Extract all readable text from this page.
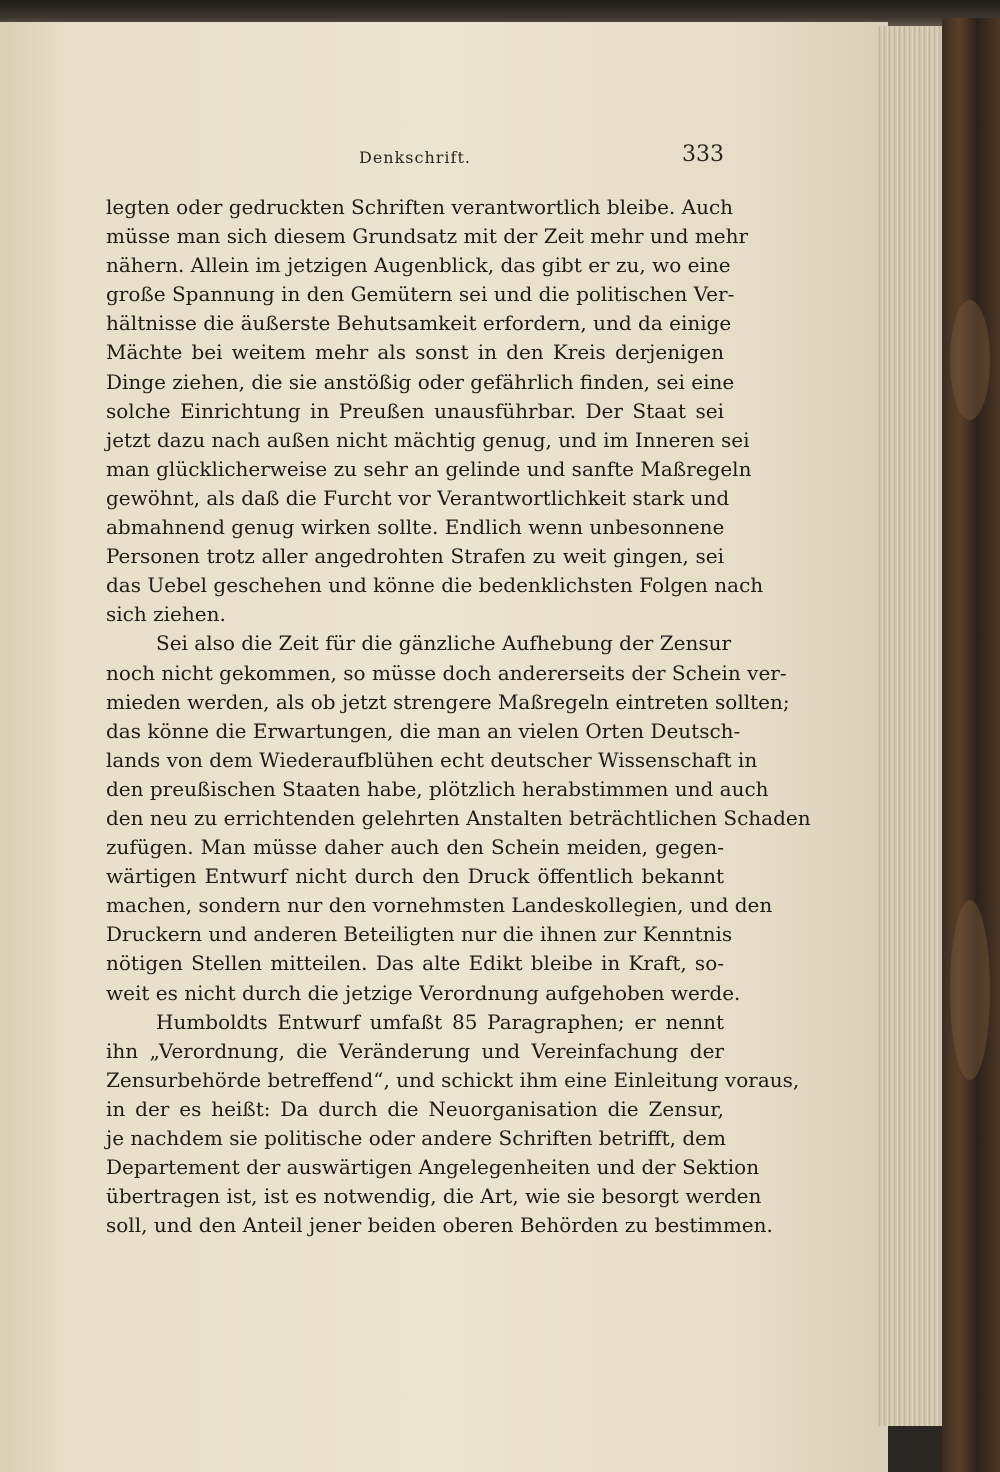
Denkschrift.	333
legten oder gedruckten Schriften verantwortlich bleibe. Auch
müsse man sich diesem Grundsatz mit der Zeit mehr und mehr
nähern. Allein im jetzigen Augenblick, das gibt er zu, wo eine
große Spannung in den Gemütern sei und die politischen Ver-
hältnisse die äußerste Behutsamkeit erfordern, und da einige
Mächte bei weitem mehr als sonst in den Kreis derjenigen
Dinge ziehen, die sie anstößig oder gefährlich finden, sei eine
solche Einrichtung in Preußen unausführbar. Der Staat sei
jetzt dazu nach außen nicht mächtig genug, und im Inneren sei
man glücklicherweise zu sehr an gelinde und sanfte Maßregeln
gewöhnt, als daß die Furcht vor Verantwortlichkeit stark und
abmahnend genug wirken sollte. Endlich wenn unbesonnene
Personen trotz aller angedrohten Strafen zu weit gingen, sei
das Uebel geschehen und könne die bedenklichsten Folgen nach
sich ziehen.
Sei also die Zeit für die gänzliche Aufhebung der Zensur
noch nicht gekommen, so müsse doch andererseits der Schein ver-
mieden werden, als ob jetzt strengere Maßregeln eintreten sollten;
das könne die Erwartungen, die man an vielen Orten Deutsch-
lands von dem Wiederaufblühen echt deutscher Wissenschaft in
den preußischen Staaten habe, plötzlich herabstimmen und auch
den neu zu errichtenden gelehrten Anstalten beträchtlichen Schaden
zufügen. Man müsse daher auch den Schein meiden, gegen-
wärtigen Entwurf nicht durch den Druck öffentlich bekannt
machen, sondern nur den vornehmsten Landeskollegien, und den
Druckern und anderen Beteiligten nur die ihnen zur Kenntnis
nötigen Stellen mitteilen. Das alte Edikt bleibe in Kraft, so-
weit es nicht durch die jetzige Verordnung aufgehoben werde.
Humboldts Entwurf umfaßt 85 Paragraphen; er nennt
ihn „Verordnung, die Veränderung und Vereinfachung der
Zensurbehörde betreffend“, und schickt ihm eine Einleitung voraus,
in der es heißt: Da durch die Neuorganisation die Zensur,
je nachdem sie politische oder andere Schriften betrifft, dem
Departement der auswärtigen Angelegenheiten und der Sektion
übertragen ist, ist es notwendig, die Art, wie sie besorgt werden
soll, und den Anteil jener beiden oberen Behörden zu bestimmen.
